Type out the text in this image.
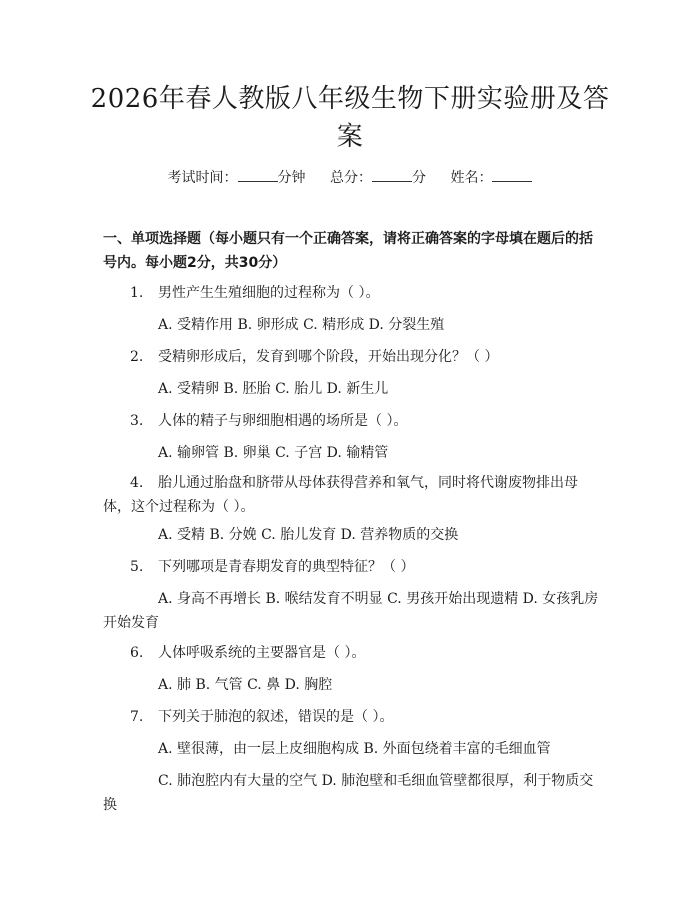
2026年春人教版八年级生物下册实验册及答案
考试时间：	分钟 总分：	分 姓名：
一、单项选择题（每小题只有一个正确答案，请将正确答案的字母填在题后的括号内。每小题2分，共30分）
1. 男性产生生殖细胞的过程称为（ ）。
A. 受精作用 B. 卵形成 C. 精形成 D. 分裂生殖
2. 受精卵形成后，发育到哪个阶段，开始出现分化？（ ）
A. 受精卵 B. 胚胎 C. 胎儿 D. 新生儿
3. 人体的精子与卵细胞相遇的场所是（ ）。
A. 输卵管 B. 卵巢 C. 子宫 D. 输精管
4. 胎儿通过胎盘和脐带从母体获得营养和氧气，同时将代谢废物排出母体，这个过程称为（ ）。
A. 受精 B. 分娩 C. 胎儿发育 D. 营养物质的交换
5. 下列哪项是青春期发育的典型特征？（ ）
A. 身高不再增长 B. 喉结发育不明显 C. 男孩开始出现遗精 D. 女孩乳房开始发育
6. 人体呼吸系统的主要器官是（ ）。
A. 肺 B. 气管 C. 鼻 D. 胸腔
7. 下列关于肺泡的叙述，错误的是（ ）。
A. 壁很薄，由一层上皮细胞构成 B. 外面包绕着丰富的毛细血管
C. 肺泡腔内有大量的空气 D. 肺泡壁和毛细血管壁都很厚，利于物质交换
